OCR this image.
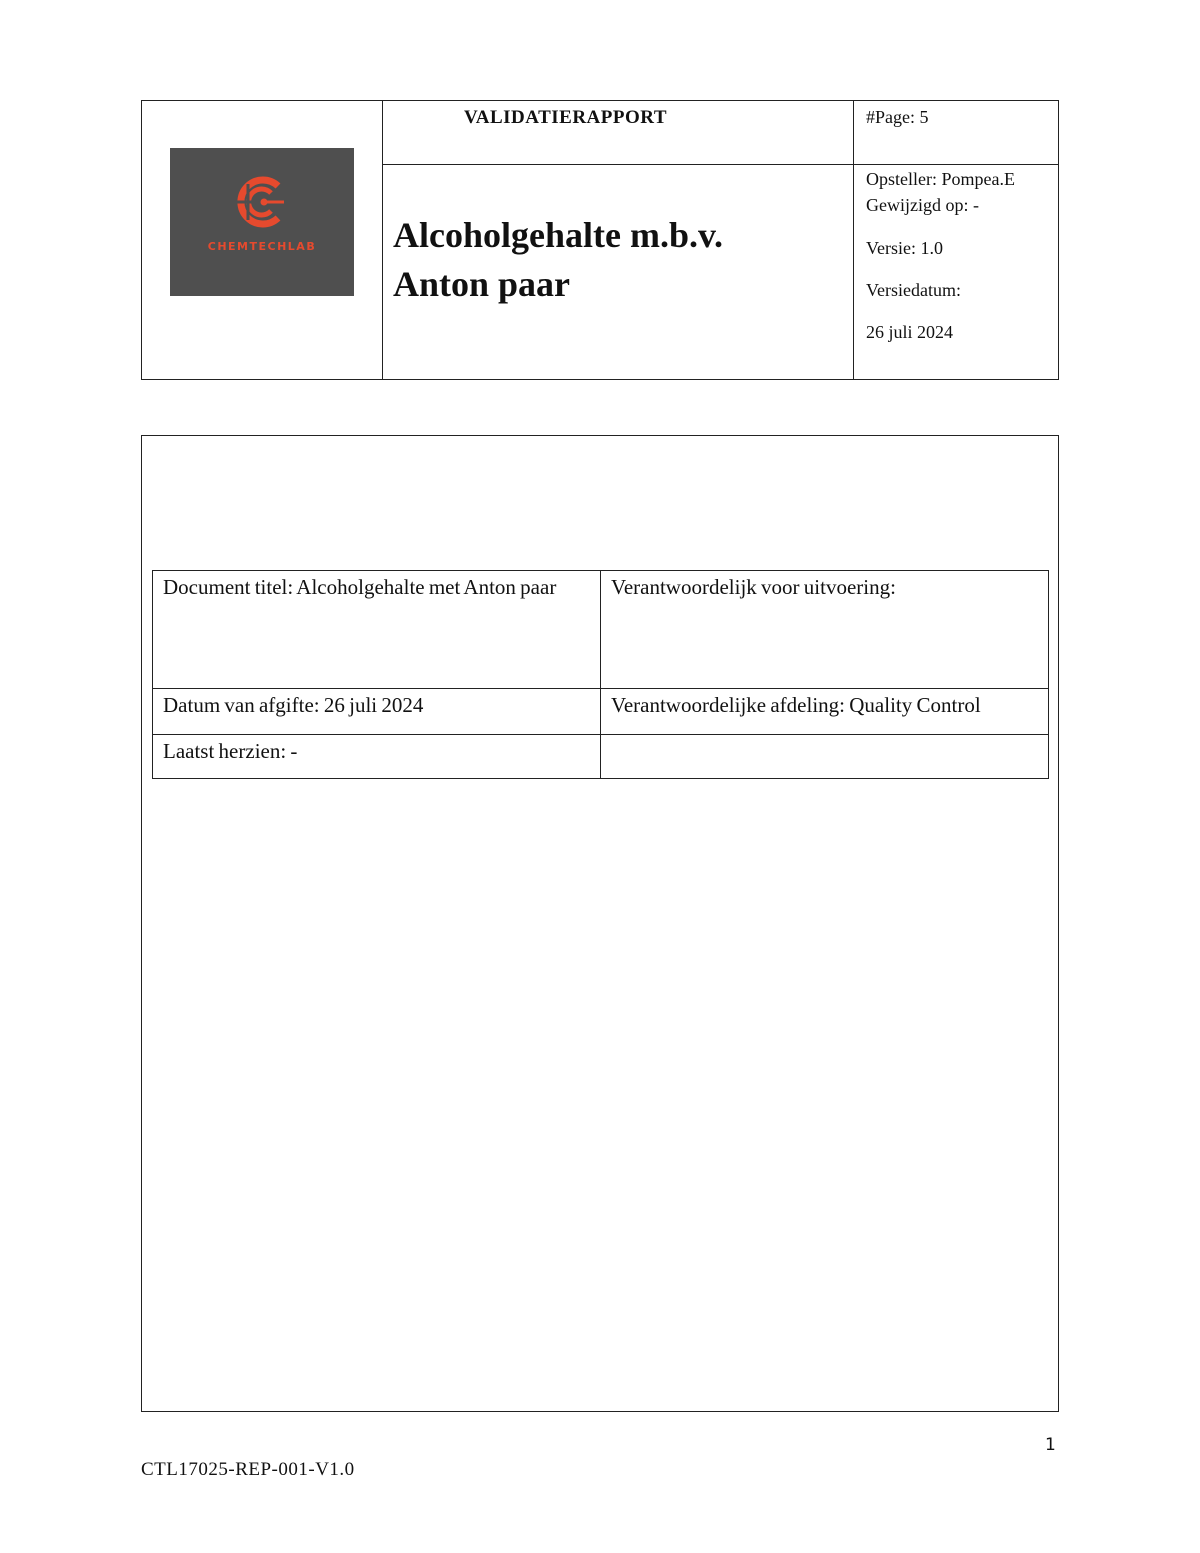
CHEMTECHLAB
VALIDATIERAPPORT
Alcoholgehalte m.b.v.
Anton paar
#Page: 5
Opsteller: Pompea.E
Gewijzigd op: -
Versie: 1.0
Versiedatum:
26 juli 2024
Document titel: Alcoholgehalte met Anton paar	Verantwoordelijk voor uitvoering:
Datum van afgifte: 26 juli 2024	Verantwoordelijke afdeling: Quality Control
Laatst herzien: -	
1
CTL17025-REP-001-V1.0
